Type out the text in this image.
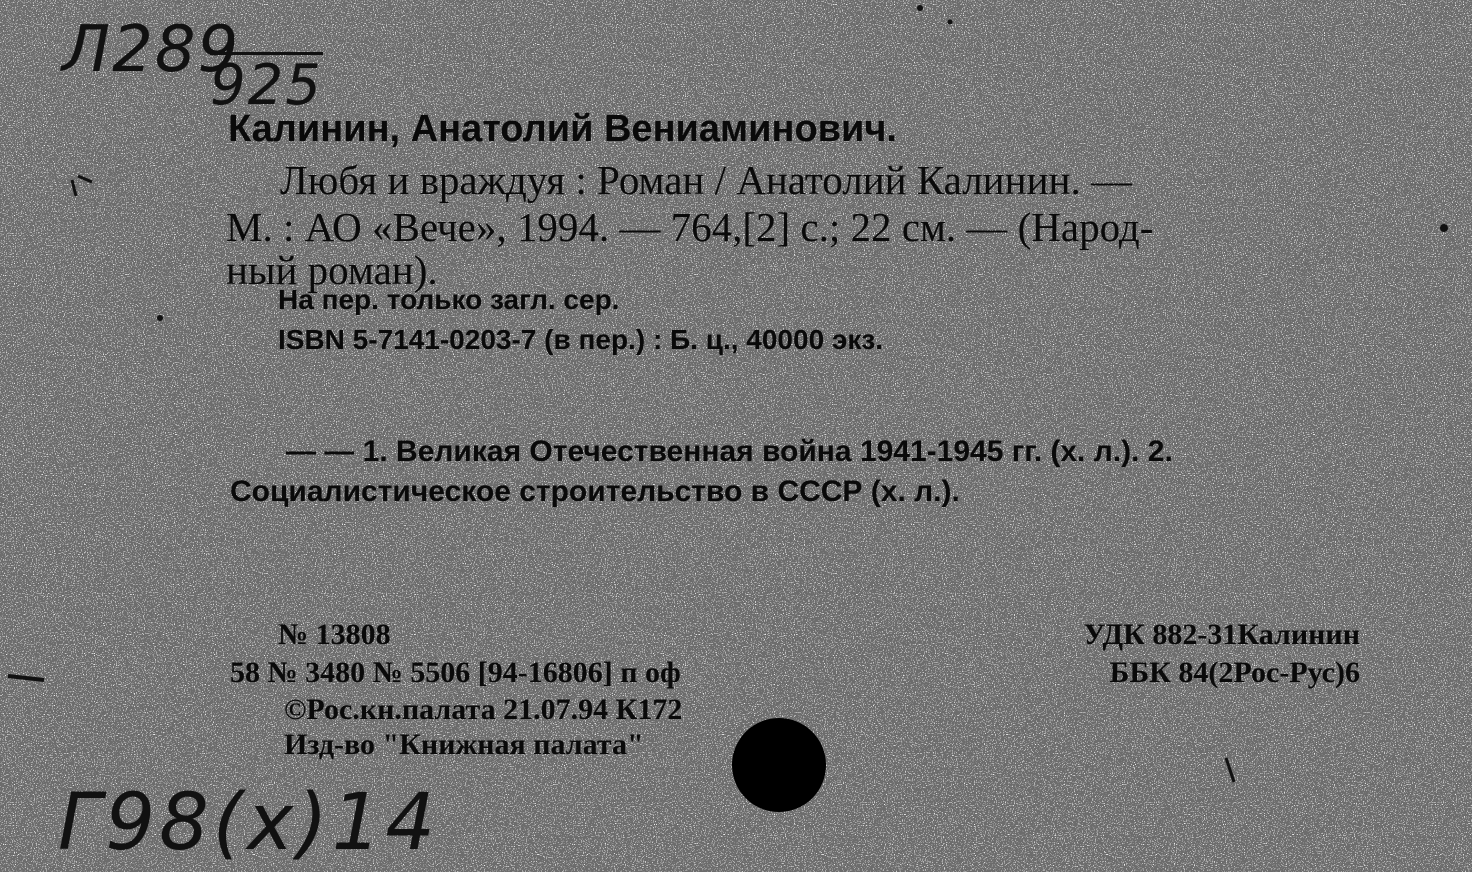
Л289
925
Калинин, Анатолий Вениаминович.
Любя и враждуя : Роман / Анатолий Калинин. —
М. : АО «Вече», 1994. — 764,[2] с.; 22 см. — (Народ-
ный роман).
На пер. только загл. сер.
ISBN 5-7141-0203-7 (в пер.) : Б. ц., 40000 экз.
— — 1. Великая Отечественная война 1941-1945 гг. (х. л.). 2.
Социалистическое строительство в СССР (х. л.).
№ 13808
58 № 3480 № 5506 [94-16806] п оф
©Рос.кн.палата 21.07.94 К172
Изд-во "Книжная палата"
УДК 882-31Калинин
ББК 84(2Рос-Рус)6
Г98(х)14
